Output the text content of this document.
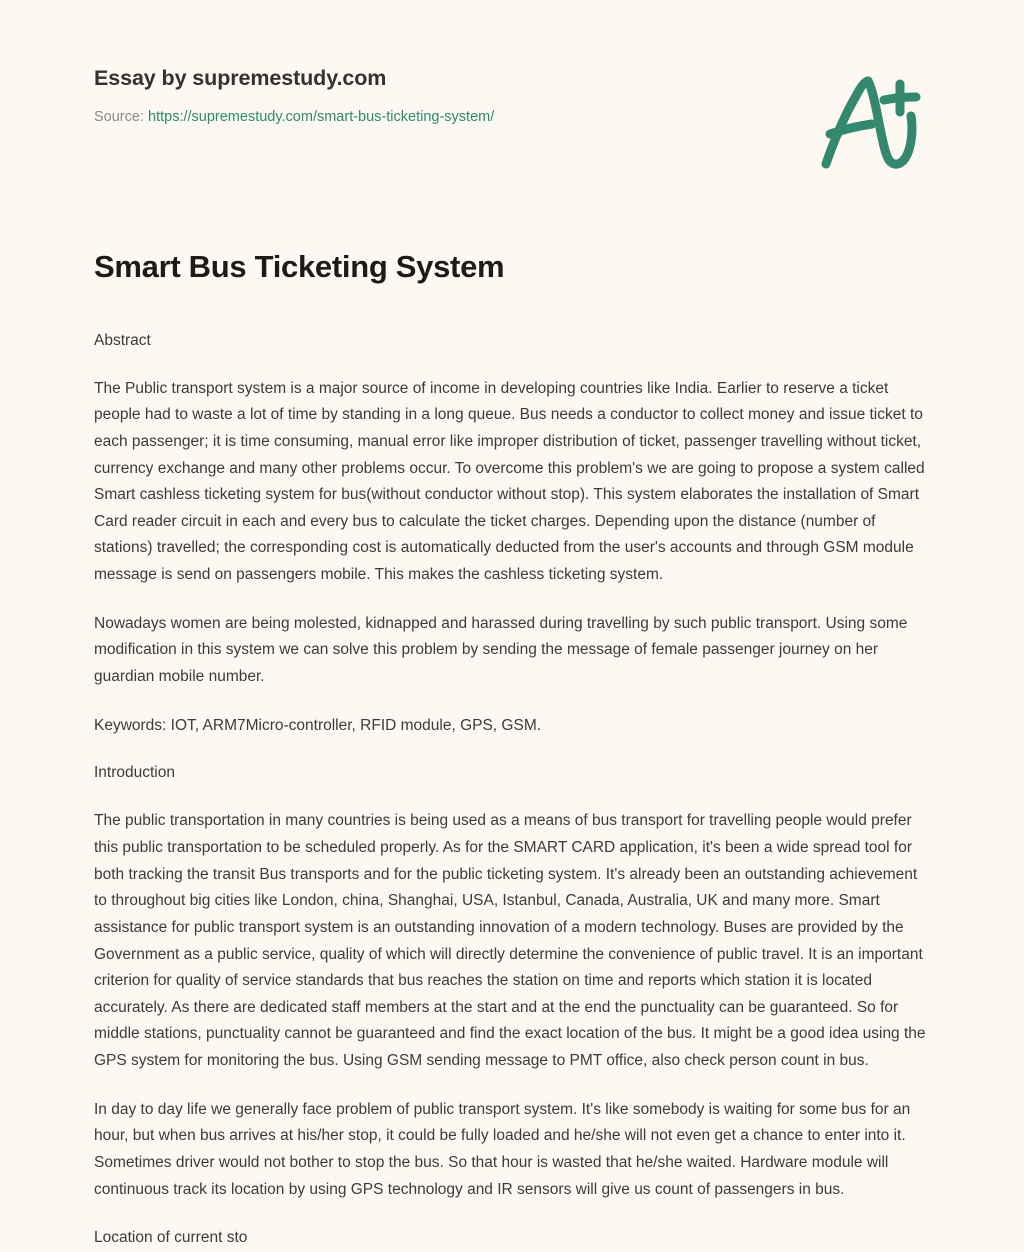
Essay by supremestudy.com
Source: https://supremestudy.com/smart-bus-ticketing-system/
Smart Bus Ticketing System

Abstract

The Public transport system is a major source of income in developing countries like India. Earlier to reserve a ticket people had to waste a lot of time by standing in a long queue. Bus needs a conductor to collect money and issue ticket to each passenger; it is time consuming, manual error like improper distribution of ticket, passenger travelling without ticket, currency exchange and many other problems occur. To overcome this problem's we are going to propose a system called Smart cashless ticketing system for bus(without conductor without stop). This system elaborates the installation of Smart Card reader circuit in each and every bus to calculate the ticket charges. Depending upon the distance (number of stations) travelled; the corresponding cost is automatically deducted from the user's accounts and through GSM module message is send on passengers mobile. This makes the cashless ticketing system.

Nowadays women are being molested, kidnapped and harassed during travelling by such public transport. Using some modification in this system we can solve this problem by sending the message of female passenger journey on her guardian mobile number.

Keywords: IOT, ARM7Micro-controller, RFID module, GPS, GSM.

Introduction

The public transportation in many countries is being used as a means of bus transport for travelling people would prefer this public transportation to be scheduled properly. As for the SMART CARD application, it's been a wide spread tool for both tracking the transit Bus transports and for the public ticketing system. It's already been an outstanding achievement to throughout big cities like London, china, Shanghai, USA, Istanbul, Canada, Australia, UK and many more. Smart assistance for public transport system is an outstanding innovation of a modern technology. Buses are provided by the Government as a public service, quality of which will directly determine the convenience of public travel. It is an important criterion for quality of service standards that bus reaches the station on time and reports which station it is located accurately. As there are dedicated staff members at the start and at the end the punctuality can be guaranteed. So for middle stations, punctuality cannot be guaranteed and find the exact location of the bus. It might be a good idea using the GPS system for monitoring the bus. Using GSM sending message to PMT office, also check person count in bus.

In day to day life we generally face problem of public transport system. It's like somebody is waiting for some bus for an hour, but when bus arrives at his/her stop, it could be fully loaded and he/she will not even get a chance to enter into it. Sometimes driver would not bother to stop the bus. So that hour is wasted that he/she waited. Hardware module will continuous track its location by using GPS technology and IR sensors will give us count of passengers in bus.

Location of current sto
